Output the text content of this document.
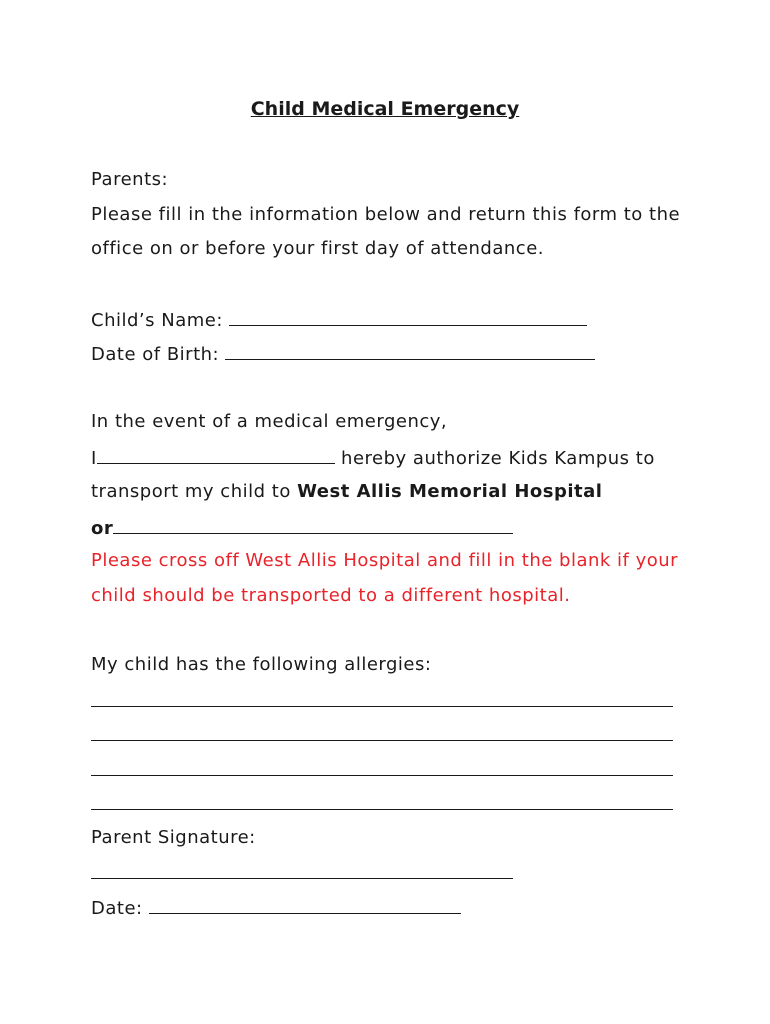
Child Medical Emergency
Parents:
Please fill in the information below and return this form to the
office on or before your first day of attendance.
Child’s Name:
Date of Birth:
In the event of a medical emergency,
I	hereby authorize Kids Kampus to
transport my child to West Allis Memorial Hospital
or
Please cross off West Allis Hospital and fill in the blank if your
child should be transported to a different hospital.
My child has the following allergies:
Parent Signature:
Date:
